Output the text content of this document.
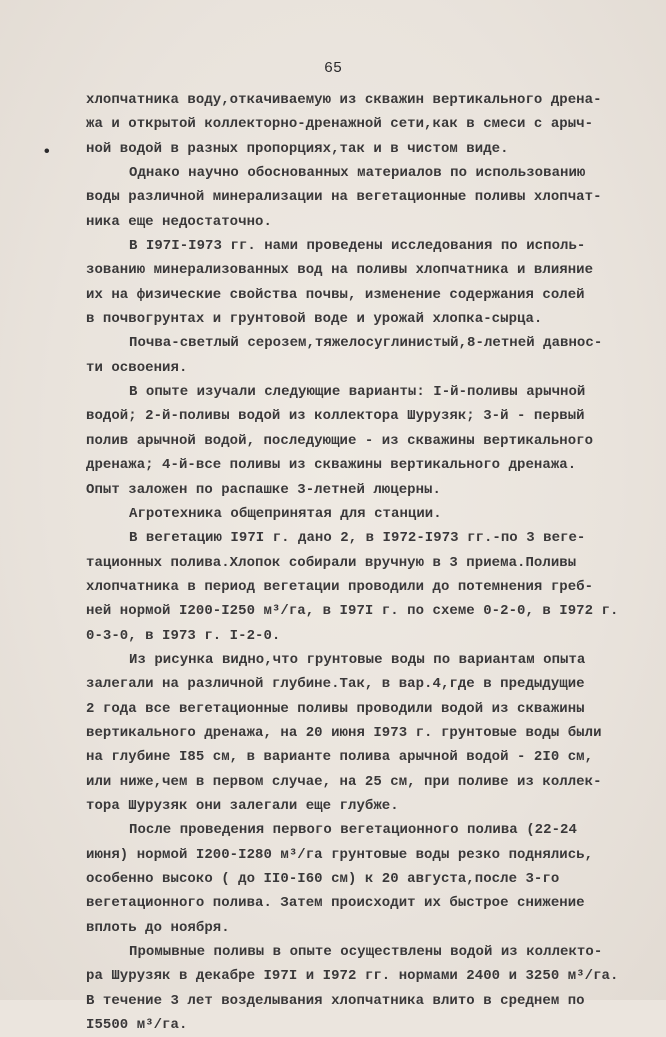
65
•
хлопчатника воду,откачиваемую из скважин вертикального дрена-
жа и открытой коллекторно-дренажной сети,как в смеси с арыч-
ной водой в разных пропорциях,так и в чистом виде.
Однако научно обоснованных материалов по использованию
воды различной минерализации на вегетационные поливы хлопчат-
ника еще недостаточно.
В I97I-I973 гг. нами проведены исследования по исполь-
зованию минерализованных вод на поливы хлопчатника и влияние
их на физические свойства почвы, изменение содержания солей
в почвогрунтах и грунтовой воде и урожай хлопка-сырца.
Почва-светлый серозем,тяжелосуглинистый,8-летней давнос-
ти освоения.
В опыте изучали следующие варианты: I-й-поливы арычной
водой; 2-й-поливы водой из коллектора Шурузяк; 3-й - первый
полив арычной водой, последующие - из скважины вертикального
дренажа; 4-й-все поливы из скважины вертикального дренажа.
Опыт заложен по распашке 3-летней люцерны.
Агротехника общепринятая для станции.
В вегетацию I97I г. дано 2, в I972-I973 гг.-по 3 веге-
тационных полива.Хлопок собирали вручную в 3 приема.Поливы
хлопчатника в период вегетации проводили до потемнения греб-
ней нормой I200-I250 м³/га, в I97I г. по схеме 0-2-0, в I972 г.
0-3-0, в I973 г. I-2-0.
Из рисунка видно,что грунтовые воды по вариантам опыта
залегали на различной глубине.Так, в вар.4,где в предыдущие
2 года все вегетационные поливы проводили водой из скважины
вертикального дренажа, на 20 июня I973 г. грунтовые воды были
на глубине I85 см, в варианте полива арычной водой - 2I0 см,
или ниже,чем в первом случае, на 25 см, при поливе из коллек-
тора Шурузяк они залегали еще глубже.
После проведения первого вегетационного полива (22-24
июня) нормой I200-I280 м³/га грунтовые воды резко поднялись,
особенно высоко ( до II0-I60 см) к 20 августа,после 3-го
вегетационного полива. Затем происходит их быстрое снижение
вплоть до ноября.
Промывные поливы в опыте осуществлены водой из коллекто-
ра Шурузяк в декабре I97I и I972 гг. нормами 2400 и 3250 м³/га.
В течение 3 лет возделывания хлопчатника влито в среднем по
I5500 м³/га.
